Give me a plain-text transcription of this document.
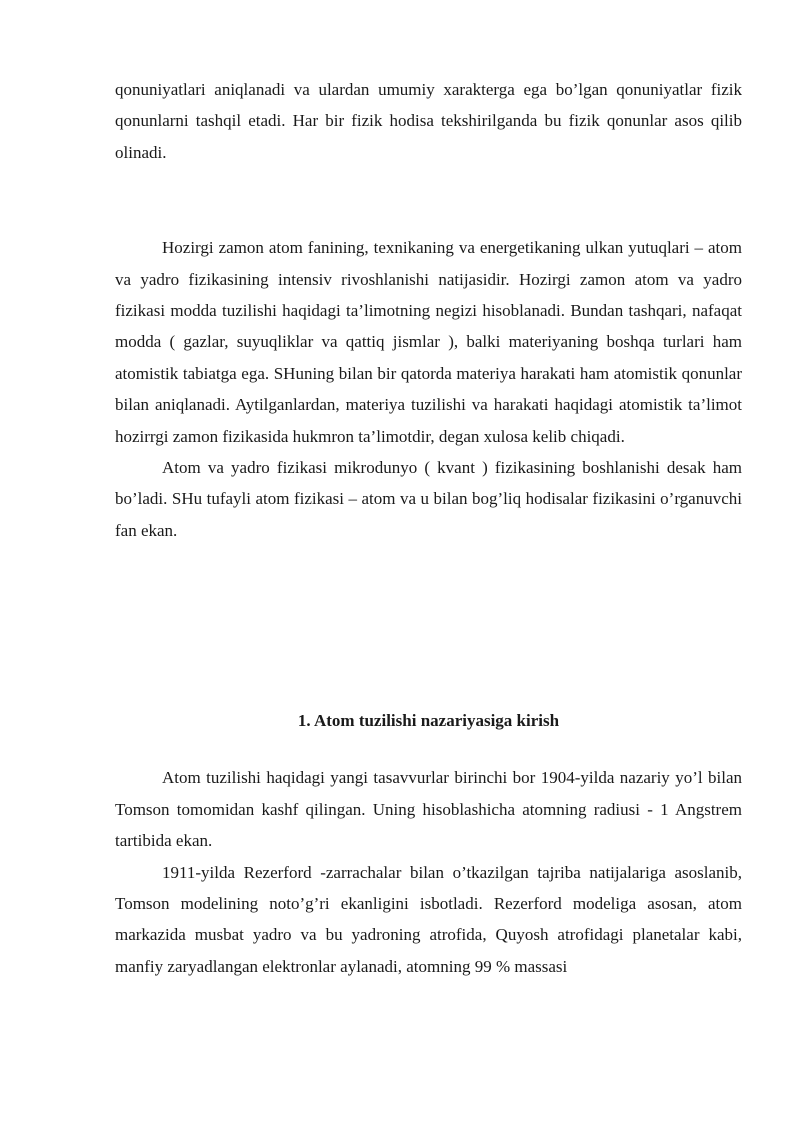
qonuniyatlari aniqlanadi va ulardan umumiy xarakterga ega bo’lgan qonuniyatlar fizik qonunlarni tashqil etadi. Har bir fizik hodisa tekshirilganda bu fizik qonunlar asos qilib olinadi.

Hozirgi zamon atom fanining, texnikaning va energetikaning ulkan yutuqlari – atom va yadro fizikasining intensiv rivoshlanishi natijasidir. Hozirgi zamon atom va yadro fizikasi modda tuzilishi haqidagi ta’limotning negizi hisoblanadi. Bundan tashqari, nafaqat modda ( gazlar, suyuqliklar va qattiq jismlar ), balki materiyaning boshqa turlari ham atomistik tabiatga ega. SHuning bilan bir qatorda materiya harakati ham atomistik qonunlar bilan aniqlanadi. Aytilganlardan, materiya tuzilishi va harakati haqidagi atomistik ta’limot hozirrgi zamon fizikasida hukmron ta’limotdir, degan xulosa kelib chiqadi.

Atom va yadro fizikasi mikrodunyo ( kvant ) fizikasining boshlanishi desak ham bo’ladi. SHu tufayli atom fizikasi – atom va u bilan bog’liq hodisalar fizikasini o’rganuvchi fan ekan.

1. Atom tuzilishi nazariyasiga kirish

Atom tuzilishi haqidagi yangi tasavvurlar birinchi bor 1904-yilda nazariy yo’l bilan Tomson tomomidan kashf qilingan. Uning hisoblashicha atomning radiusi - 1 Angstrem tartibida ekan.

1911-yilda Rezerford -zarrachalar bilan o’tkazilgan tajriba natijalariga asoslanib, Tomson modelining noto’g’ri ekanligini isbotladi. Rezerford modeliga asosan, atom markazida musbat yadro va bu yadroning atrofida, Quyosh atrofidagi planetalar kabi, manfiy zaryadlangan elektronlar aylanadi, atomning 99 % massasi
